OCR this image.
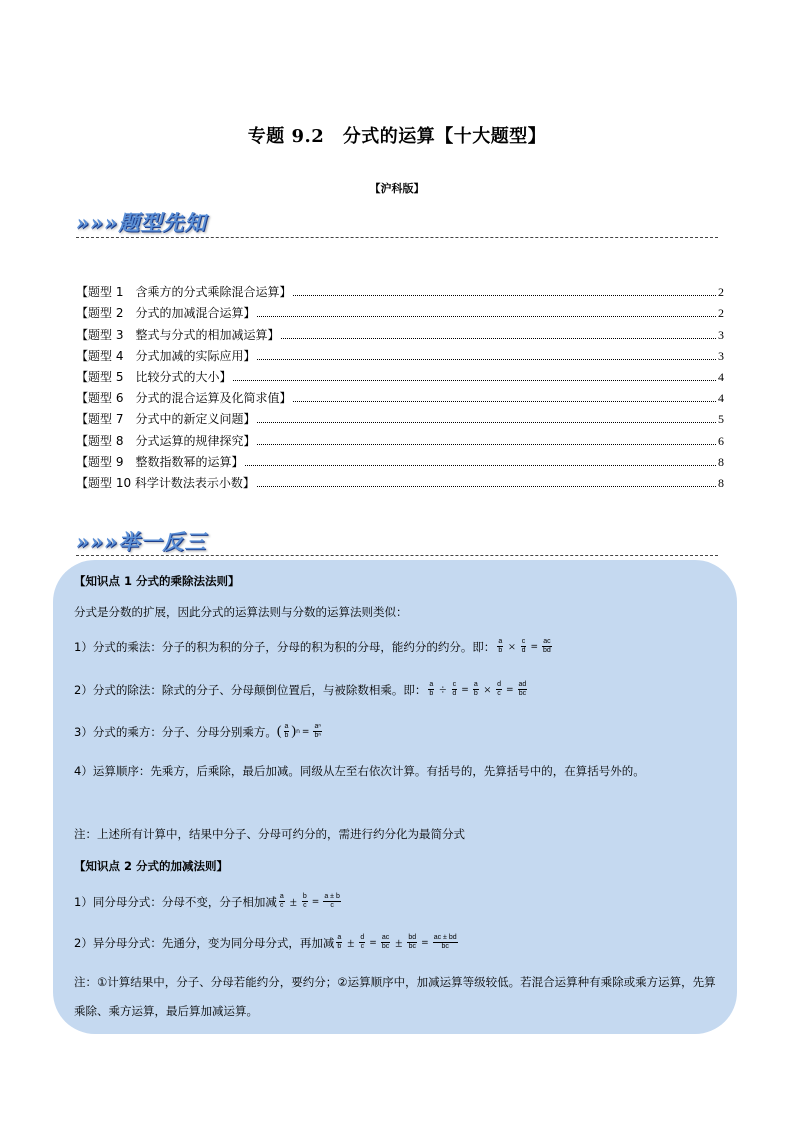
专题 9.2　分式的运算【十大题型】
【沪科版】
»»»题型先知
【题型 1　含乘方的分式乘除混合运算】	2
【题型 2　分式的加减混合运算】	2
【题型 3　整式与分式的相加减运算】	3
【题型 4　分式加减的实际应用】	3
【题型 5　比较分式的大小】	4
【题型 6　分式的混合运算及化简求值】	4
【题型 7　分式中的新定义问题】	5
【题型 8　分式运算的规律探究】	6
【题型 9　整数指数幂的运算】	8
【题型 10 科学计数法表示小数】	8
»»»举一反三
【知识点 1 分式的乘除法法则】
分式是分数的扩展，因此分式的运算法则与分数的运算法则类似：
1）分式的乘法：分子的积为积的分子，分母的积为积的分母，能约分的约分。即： $\frac{a}{b} \times \frac{c}{d} = \frac{ac}{bd}$
2）分式的除法：除式的分子、分母颠倒位置后，与被除数相乘。即： $\frac{a}{b} \div \frac{c}{d} = \frac{a}{b} \times \frac{d}{c} = \frac{ad}{bc}$
3）分式的乘方：分子、分母分别乘方。 ( $\frac{a}{b}$ ) $n = \frac{\text{aⁿ}}{\text{bⁿ}}$
4）运算顺序：先乘方，后乘除，最后加减。同级从左至右依次计算。有括号的，先算括号中的，在算括号外的。
注：上述所有计算中，结果中分子、分母可约分的，需进行约分化为最简分式
【知识点 2 分式的加减法则】
1）同分母分式：分母不变，分子相加减 $\frac{a}{c} \pm \frac{b}{c} = \frac{a \pm b}{c}$
2）异分母分式：先通分，变为同分母分式，再加减 $\frac{a}{b} \pm \frac{d}{c} = \frac{ac}{bc} \pm \frac{bd}{bc} = \frac{ac \pm bd}{bc}$
注：①计算结果中，分子、分母若能约分，要约分；②运算顺序中，加减运算等级较低。若混合运算种有乘除或乘方运算，先算乘除、乘方运算，最后算加减运算。
